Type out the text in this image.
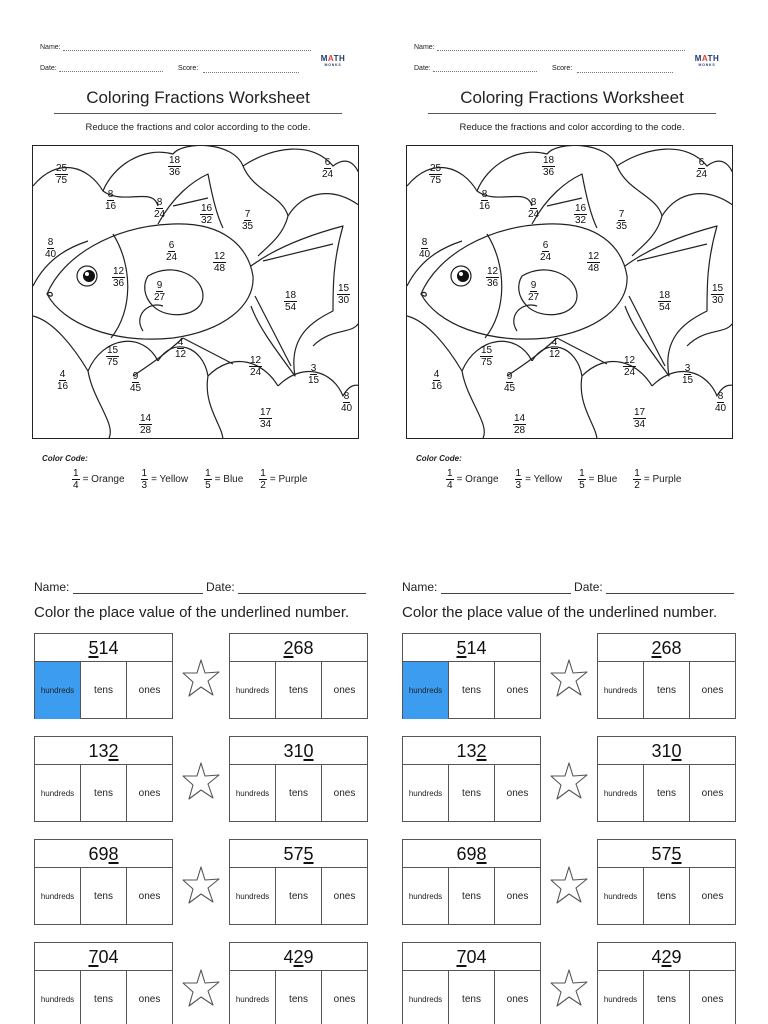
Name:
Date:	Score:
MATH
MONKS
Coloring Fractions Worksheet
Reduce the fractions and color according to the code.
$\frac{25}{75}$	$\frac{18}{36}$	$\frac{6}{24}$
$\frac{8}{16}$	$\frac{8}{24}$	$\frac{16}{32}$	$\frac{7}{35}$
$\frac{8}{40}$	$\frac{6}{24}$
$\frac{12}{48}$
$\frac{12}{36}$
$\frac{9}{27}$	$\frac{18}{54}$	$\frac{15}{30}$
$\frac{15}{75}$	$\frac{4}{12}$
$\frac{12}{24}$	$\frac{3}{15}$
$\frac{4}{16}$	$\frac{9}{45}$
$\frac{8}{40}$
$\frac{14}{28}$	$\frac{17}{34}$
Color Code:
$\frac{1}{4}$ = Orange $\frac{1}{3}$ = Yellow $\frac{1}{5}$ = Blue $\frac{1}{2}$ = Purple
Name:
Date:	Score:
MATH
MONKS
Coloring Fractions Worksheet
Reduce the fractions and color according to the code.
$\frac{25}{75}$	$\frac{18}{36}$	$\frac{6}{24}$
$\frac{8}{16}$	$\frac{8}{24}$	$\frac{16}{32}$	$\frac{7}{35}$
$\frac{8}{40}$	$\frac{6}{24}$
$\frac{12}{48}$
$\frac{12}{36}$
$\frac{9}{27}$	$\frac{18}{54}$	$\frac{15}{30}$
$\frac{15}{75}$	$\frac{4}{12}$
$\frac{12}{24}$	$\frac{3}{15}$
$\frac{4}{16}$	$\frac{9}{45}$
$\frac{8}{40}$
$\frac{14}{28}$	$\frac{17}{34}$
Color Code:
$\frac{1}{4}$ = Orange $\frac{1}{3}$ = Yellow $\frac{1}{5}$ = Blue $\frac{1}{2}$ = Purple
Name:	Date:
Color the place value of the underlined number.
514
hundreds	tens	ones
268
hundreds	tens	ones
132
hundreds	tens	ones
310
hundreds	tens	ones
698
hundreds	tens	ones
575
hundreds	tens	ones
704
hundreds	tens	ones
429
hundreds	tens	ones
Name:	Date:
Color the place value of the underlined number.
514
hundreds	tens	ones
268
hundreds	tens	ones
132
hundreds	tens	ones
310
hundreds	tens	ones
698
hundreds	tens	ones
575
hundreds	tens	ones
704
hundreds	tens	ones
429
hundreds	tens	ones
